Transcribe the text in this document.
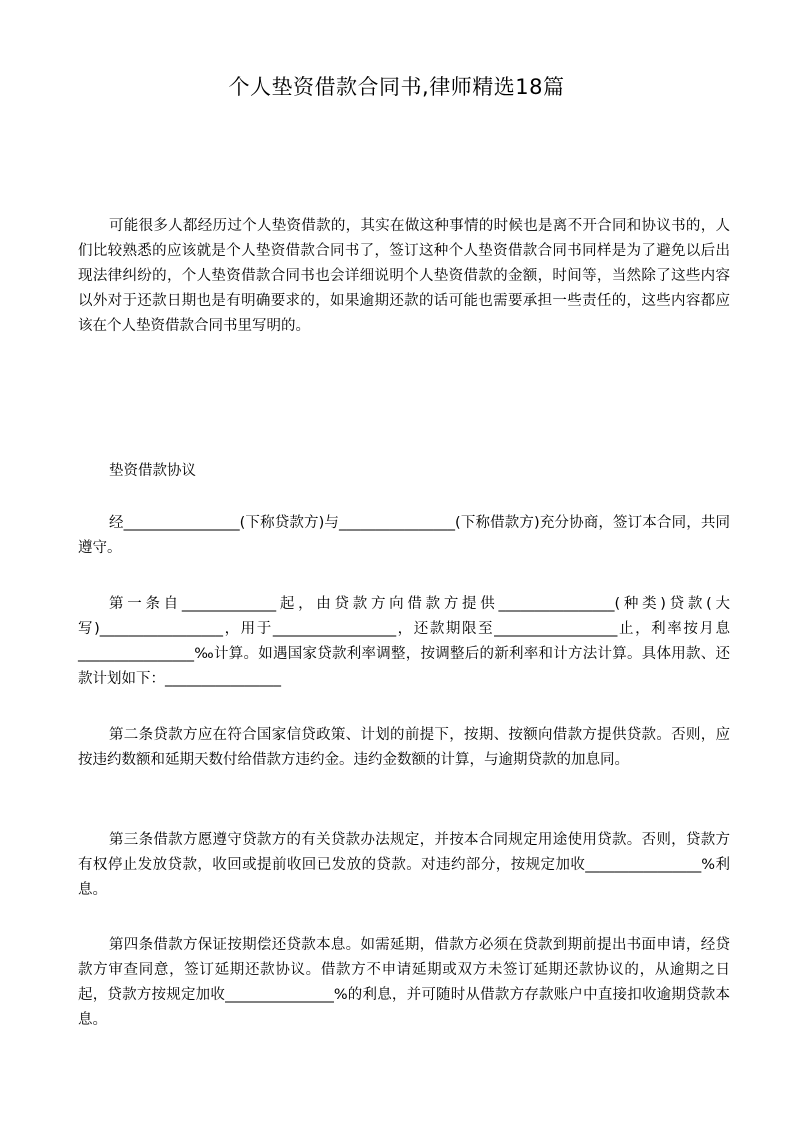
个人垫资借款合同书,律师精选18篇

可能很多人都经历过个人垫资借款的，其实在做这种事情的时候也是离不开合同和协议书的，人们比较熟悉的应该就是个人垫资借款合同书了，签订这种个人垫资借款合同书同样是为了避免以后出现法律纠纷的，个人垫资借款合同书也会详细说明个人垫资借款的金额，时间等，当然除了这些内容以外对于还款日期也是有明确要求的，如果逾期还款的话可能也需要承担一些责任的，这些内容都应该在个人垫资借款合同书里写明的。

垫资借款协议

经________________(下称贷款方)与________________(下称借款方)充分协商，签订本合同，共同遵守。

第一条自_____________起，由贷款方向借款方提供________________(种类)贷款(大写)_________________，用于_________________，还款期限至_________________止，利率按月息________________‰计算。如遇国家贷款利率调整，按调整后的新利率和计方法计算。具体用款、还款计划如下：________________

第二条贷款方应在符合国家信贷政策、计划的前提下，按期、按额向借款方提供贷款。否则，应按违约数额和延期天数付给借款方违约金。违约金数额的计算，与逾期贷款的加息同。

第三条借款方愿遵守贷款方的有关贷款办法规定，并按本合同规定用途使用贷款。否则，贷款方有权停止发放贷款，收回或提前收回已发放的贷款。对违约部分，按规定加收________________%利息。

第四条借款方保证按期偿还贷款本息。如需延期，借款方必须在贷款到期前提出书面申请，经贷款方审查同意，签订延期还款协议。借款方不申请延期或双方未签订延期还款协议的，从逾期之日起，贷款方按规定加收_______________%的利息，并可随时从借款方存款账户中直接扣收逾期贷款本息。
